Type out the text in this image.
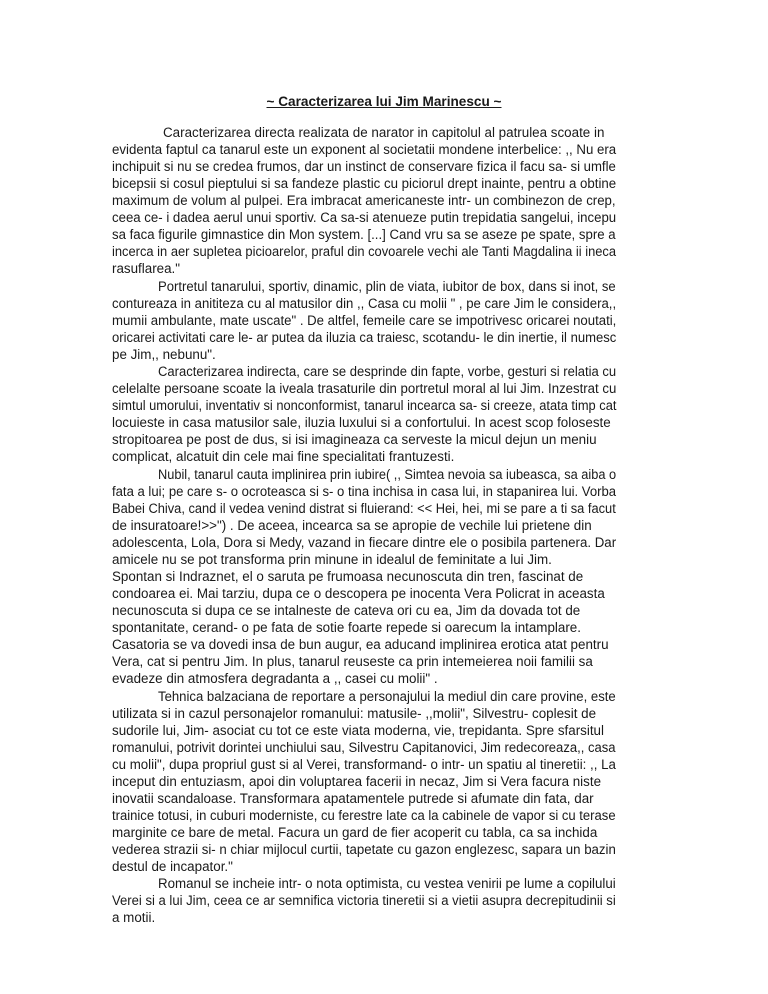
~ Caracterizarea lui Jim Marinescu ~

Caracterizarea directa realizata de narator in capitolul al patrulea scoate in

evidenta faptul ca tanarul este un exponent al societatii mondene interbelice: ,, Nu era

inchipuit si nu se credea frumos, dar un instinct de conservare fizica il facu sa- si umfle

bicepsii si cosul pieptului si sa fandeze plastic cu piciorul drept inainte, pentru a obtine

maximum de volum al pulpei. Era imbracat americaneste intr- un combinezon de crep,

ceea ce- i dadea aerul unui sportiv. Ca sa-si atenueze putin trepidatia sangelui, incepu

sa faca figurile gimnastice din Mon system. [...] Cand vru sa se aseze pe spate, spre a

incerca in aer supleteа picioarelor, praful din covoarele vechi ale Tanti Magdalina ii ineca

rasuflarea."

Portretul tanarului, sportiv, dinamic, plin de viata, iubitor de box, dans si inot, se

contureaza in anititeza cu al matusilor din ,, Casa cu molii " , pe care Jim le considera,,

mumii ambulante, mate uscate" . De altfel, femeile care se impotrivesc oricarei noutati,

oricarei activitati care le- ar putea da iluzia ca traiesc, scotandu- le din inertie, il numesc

pe Jim,, nebunu".

Caracterizarea indirecta, care se desprinde din fapte, vorbe, gesturi si relatia cu

celelalte persoane scoate la iveala trasaturile din portretul moral al lui Jim. Inzestrat cu

simtul umorului, inventativ si nonconformist, tanarul incearca sa- si creeze, atata timp cat

locuieste in casa matusilor sale, iluzia luxului si a confortului. In acest scop foloseste

stropitoarea pe post de dus, si isi imagineaza ca serveste la micul dejun un meniu

complicat, alcatuit din cele mai fine specialitati frantuzesti.

Nubil, tanarul cauta implinirea prin iubire( ,, Simtea nevoia sa iubeasca, sa aiba o

fata a lui; pe care s- o ocroteasca si s- o tina inchisa in casa lui, in stapanirea lui. Vorba

Babei Chiva, cand il vedea venind distrat si fluierand: << Hei, hei, mi se pare a ti sa facut

de insuratoare!>>") . De aceea, incearca sa se apropie de vechile lui prietene din

adolescenta, Lola, Dora si Medy, vazand in fiecare dintre ele o posibila partenera. Dar

amicele nu se pot transforma prin minune in idealul de feminitate a lui Jim.

Spontan si Indraznet, el o saruta pe frumoasa necunoscuta din tren, fascinat de

condoarea ei. Mai tarziu, dupa ce o descopera pe inocenta Vera Policrat in aceasta

necunoscuta si dupa ce se intalneste de cateva ori cu ea, Jim da dovada tot de

spontanitate, cerand- o pe fata de sotie foarte repede si oarecum la intamplare.

Casatoria se va dovedi insa de bun augur, ea aducand implinirea erotica atat pentru

Vera, cat si pentru Jim. In plus, tanarul reuseste ca prin intemeierea noii familii sa

evadeze din atmosfera degradanta a ,, casei cu molii" .

Tehnica balzaciana de reportare a personajului la mediul din care provine, este

utilizata si in cazul personajelor romanului: matusile- ,,molii", Silvestru- coplesit de

sudorile lui, Jim- asociat cu tot ce este viata moderna, vie, trepidanta. Spre sfarsitul

romanului, potrivit dorintei unchiului sau, Silvestru Capitanovici, Jim redecoreaza,, casa

cu molii", dupa propriul gust si al Verei, transformand- o intr- un spatiu al tineretii: ,, La

inceput din entuziasm, apoi din voluptarea facerii in necaz, Jim si Vera facura niste

inovatii scandaloase. Transformara apatamentele putrede si afumate din fata, dar

trainice totusi, in cuburi moderniste, cu ferestre late ca la cabinele de vapor si cu terase

marginite ce bare de metal. Facura un gard de fier acoperit cu tabla, ca sa inchida

vederea strazii si- n chiar mijlocul curtii, tapetate cu gazon englezesc, sapara un bazin

destul de incapator."

Romanul se incheie intr- o nota optimista, cu vestea venirii pe lume a copilului

Verei si a lui Jim, ceea ce ar semnifica victoria tineretii si a vietii asupra decrepitudinii si

a motii.
